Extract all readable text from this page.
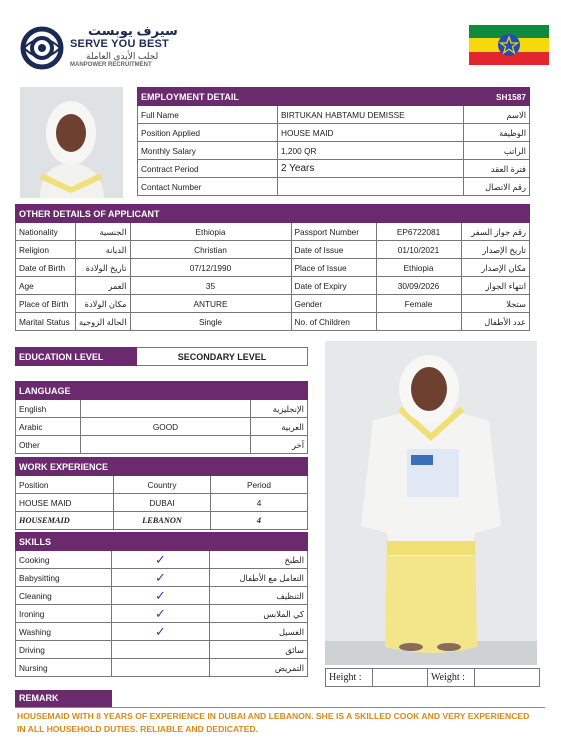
سيرف يوبست
SERVE YOU BEST
لجلب الأيدي العاملة
MANPOWER RECRUITMENT
EMPLOYMENT DETAIL		SH1587
Full Name	BIRTUKAN HABTAMU DEMISSE	الاسم
Position Applied	HOUSE MAID	الوظيفة
Monthly Salary	1,200 QR	الراتب
Contract Period	2 Years	فترة العقد
Contact Number		رقم الاتصال
OTHER DETAILS OF APPLICANT					
Nationality	الجنسية	Ethiopia	Passport Number	EP6722081	رقم جواز السفر
Religion	الديانة	Christian	Date of Issue	01/10/2021	تاريخ الإصدار
Date of Birth	تاريخ الولادة	07/12/1990	Place of Issue	Ethiopia	مكان الإصدار
Age	العمر	35	Date of Expiry	30/09/2026	انتهاء الجواز
Place of Birth	مكان الولادة	ANTURE	Gender	Female	ستجلا
Marital Status	الحالة الزوجية	Single	No. of Children		عدد الأطفال
EDUCATION LEVEL	SECONDARY LEVEL
LANGUAGE		
English		الإنجليزية
Arabic	GOOD	العربية
Other		آخر
WORK EXPERIENCE		
Position	Country	Period
HOUSE MAID	DUBAI	4
HOUSEMAID	LEBANON	4
SKILLS		
Cooking	✓	الطبخ
Babysitting	✓	التعامل مع الأطفال
Cleaning	✓	التنظيف
Ironing	✓	كي الملابس
Washing	✓	الغسيل
Driving		سائق
Nursing		التمريض
Height :		Weight :	
REMARK
HOUSEMAID WITH 8 YEARS OF EXPERIENCE IN DUBAI AND LEBANON. SHE IS A SKILLED COOK AND VERY EXPERIENCED IN ALL HOUSEHOLD DUTIES. RELIABLE AND DEDICATED.
